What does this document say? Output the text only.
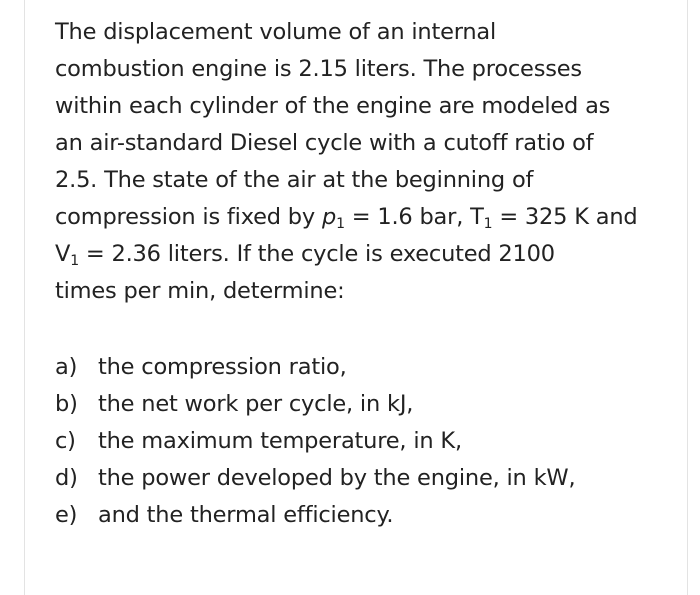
The displacement volume of an internal
combustion engine is 2.15 liters. The processes
within each cylinder of the engine are modeled as
an air-standard Diesel cycle with a cutoff ratio of
2.5. The state of the air at the beginning of
compression is fixed by $p_1 = 1.6$ bar, $T_1 = 325$ K and
$V_1 = 2.36$ liters. If the cycle is executed 2100
times per min, determine:

a) the compression ratio,
b) the net work per cycle, in kJ,
c) the maximum temperature, in K,
d) the power developed by the engine, in kW,
e) and the thermal efficiency.
